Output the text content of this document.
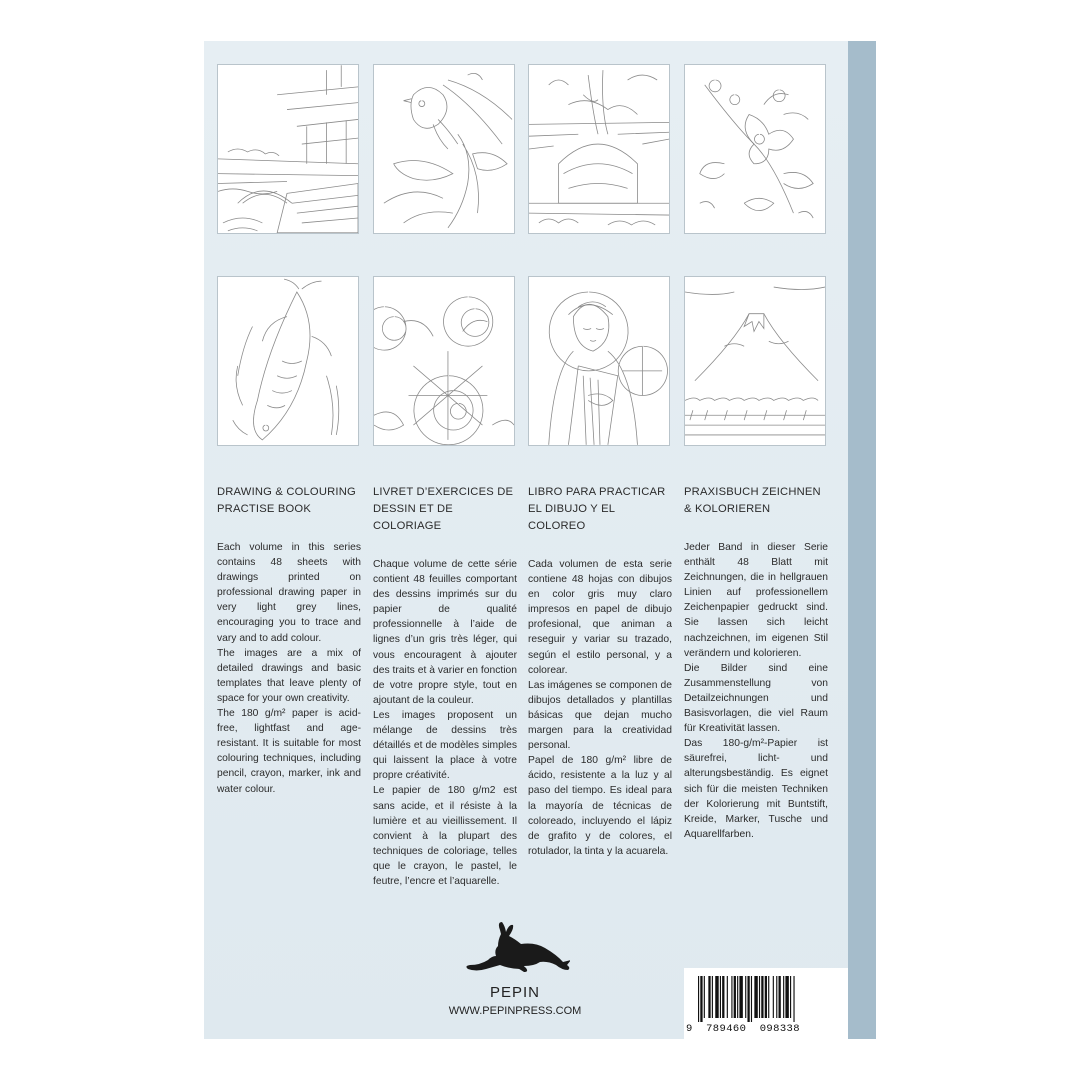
DRAWING & COLOURING
PRACTISE BOOK

Each volume in this series contains 48 sheets with drawings printed on professional drawing paper in very light grey lines, encouraging you to trace and vary and to add colour.

The images are a mix of detailed drawings and basic templates that leave plenty of space for your own creativity.

The 180 g/m² paper is acid-free, lightfast and age-resistant. It is suitable for most colouring techniques, including pencil, crayon, marker, ink and water colour.

LIVRET D’EXERCICES DE
DESSIN ET DE COLORIAGE

Chaque volume de cette série contient 48 feuilles comportant des dessins imprimés sur du papier de qualité professionnelle à l’aide de lignes d’un gris très léger, qui vous encouragent à ajouter des traits et à varier en fonction de votre propre style, tout en ajoutant de la couleur.

Les images proposent un mélange de dessins très détaillés et de modèles simples qui laissent la place à votre propre créativité.

Le papier de 180 g/m2 est sans acide, et il résiste à la lumière et au vieillissement. Il convient à la plupart des techniques de coloriage, telles que le crayon, le pastel, le feutre, l’encre et l’aquarelle.

LIBRO PARA PRACTICAR
EL DIBUJO Y EL COLOREO

Cada volumen de esta serie contiene 48 hojas con dibujos en color gris muy claro impresos en papel de dibujo profesional, que animan a reseguir y variar su trazado, según el estilo personal, y a colorear.

Las imágenes se componen de dibujos detallados y plantillas básicas que dejan mucho margen para la creatividad personal.

Papel de 180 g/m² libre de ácido, resistente a la luz y al paso del tiempo. Es ideal para la mayoría de técnicas de coloreado, incluyendo el lápiz de grafito y de colores, el rotulador, la tinta y la acuarela.

PRAXISBUCH ZEICHNEN
& KOLORIEREN

Jeder Band in dieser Serie enthält 48 Blatt mit Zeichnungen, die in hellgrauen Linien auf professionellem Zeichenpapier gedruckt sind. Sie lassen sich leicht nachzeichnen, im eigenen Stil verändern und kolorieren.

Die Bilder sind eine Zusammenstellung von Detailzeichnungen und Basisvorlagen, die viel Raum für Kreativität lassen.

Das 180-g/m²-Papier ist säurefrei, licht- und alterungsbeständig. Es eignet sich für die meisten Techniken der Kolorierung mit Buntstift, Kreide, Marker, Tusche und Aquarellfarben.

PEPIN
WWW.PEPINPRESS.COM
9  789460  098338
